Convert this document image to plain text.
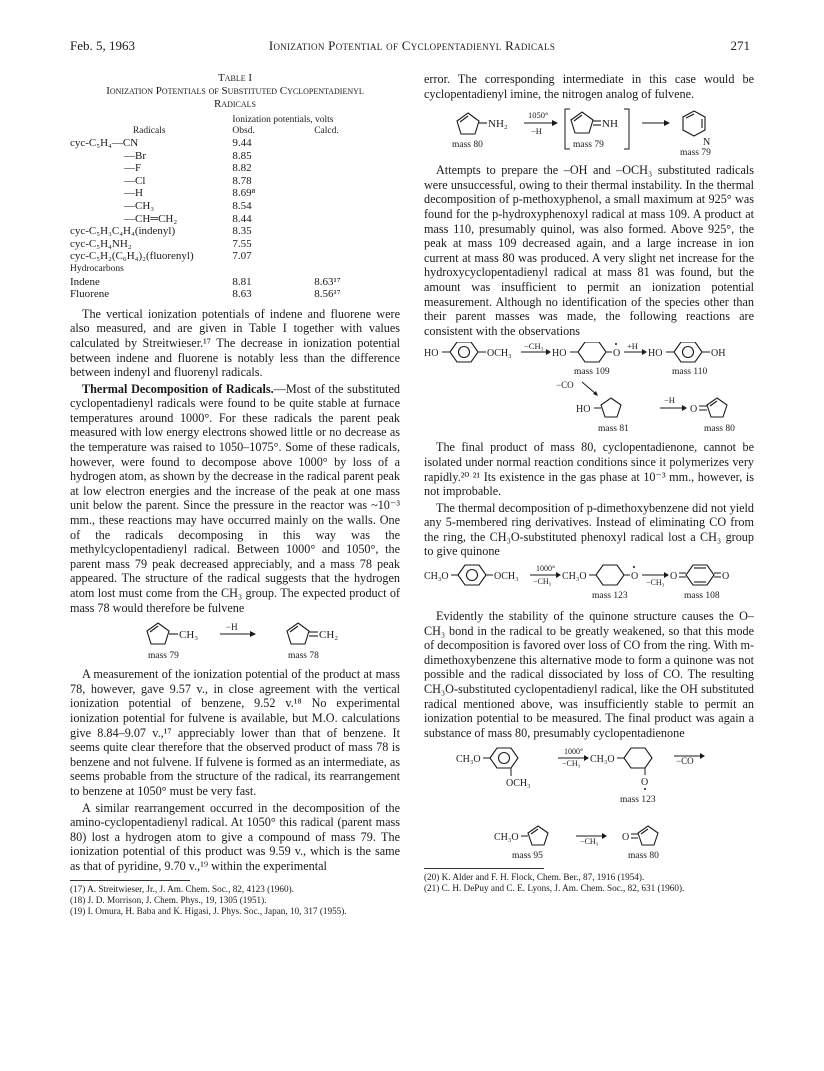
Feb. 5, 1963	Ionization Potential of Cyclopentadienyl Radicals	271
Table I
Ionization Potentials of Substituted Cyclopentadienyl
Radicals
	Ionization potentials, volts	
Radicals	Obsd.	Calcd.
cyc-C₅H₄—CN	9.44	
—Br	8.85	
—F	8.82	
—Cl	8.78	
—H	8.69⁸	
—CH₃	8.54	
—CH═CH₂	8.44	
cyc-C₅H₃C₄H₄(indenyl)	8.35	
cyc-C₅H₄NH₂	7.55	
cyc-C₅H₂(C₆H₄)₂(fluorenyl)	7.07	
Hydrocarbons		
Indene	8.81	8.63¹⁷
Fluorene	8.63	8.56¹⁷

The vertical ionization potentials of indene and fluorene were also measured, and are given in Table I together with values calculated by Streitwieser.¹⁷ The decrease in ionization potential between indene and fluorene is notably less than the difference between indenyl and fluorenyl radicals.

Thermal Decomposition of Radicals.—Most of the substituted cyclopentadienyl radicals were found to be quite stable at furnace temperatures around 1000°. For these radicals the parent peak measured with low energy electrons showed little or no decrease as the temperature was raised to 1050–1075°. Some of these radicals, however, were found to decompose above 1000° by loss of a hydrogen atom, as shown by the decrease in the radical parent peak at low electron energies and the increase of the peak at one mass unit below the parent. Since the pressure in the reactor was ~10⁻³ mm., these reactions may have occurred mainly on the walls. One of the radicals decomposing in this way was the methylcyclopentadienyl radical. Between 1000° and 1050°, the parent mass 79 peak decreased appreciably, and a mass 78 peak appeared. The structure of the radical suggests that the hydrogen atom lost must come from the CH₃ group. The expected product of mass 78 would therefore be fulvene

CH₃
−H
CH₂
mass 79	mass 78

A measurement of the ionization potential of the product at mass 78, however, gave 9.57 v., in close agreement with the vertical ionization potential of benzene, 9.52 v.¹⁸ No experimental ionization potential for fulvene is available, but M.O. calculations give 8.84–9.07 v.,¹⁷ appreciably lower than that of benzene. It seems quite clear therefore that the observed product of mass 78 is benzene and not fulvene. If fulvene is formed as an intermediate, as seems probable from the structure of the radical, its rearrangement to benzene at 1050° must be very fast.

A similar rearrangement occurred in the decomposition of the amino-cyclopentadienyl radical. At 1050° this radical (parent mass 80) lost a hydrogen atom to give a compound of mass 79. The ionization potential of this product was 9.59 v., which is the same as that of pyridine, 9.70 v.,¹⁹ within the experimental

(17) A. Streitwieser, Jr., J. Am. Chem. Soc., 82, 4123 (1960).

(18) J. D. Morrison, J. Chem. Phys., 19, 1305 (1951).

(19) I. Omura, H. Baba and K. Higasi, J. Phys. Soc., Japan, 10, 317 (1955).

error. The corresponding intermediate in this case would be cyclopentadienyl imine, the nitrogen analog of fulvene.

NH₂
1050°
−H
NH
mass 79	N
mass 80
mass 79

Attempts to prepare the –OH and –OCH₃ substituted radicals were unsuccessful, owing to their thermal instability. In the thermal decomposition of p-methoxyphenol, a small maximum at 925° was found for the p-hydroxyphenoxyl radical at mass 109. A product at mass 110, presumably quinol, was also formed. Above 925°, the peak at mass 109 decreased again, and a large increase in ion current at mass 80 was produced. A very slight net increase for the hydroxycyclopentadienyl radical at mass 81 was found, but the amount was insufficient to permit an ionization potential measurement. Although no identification of the species other than their parent masses was made, the following reactions are consistent with the observations

HO	OCH₃
−CH₃
HO	O
+H
HO	OH
mass 109	mass 110
−CO
HO
−H
O
mass 81	mass 80

The final product of mass 80, cyclopentadienone, cannot be isolated under normal reaction conditions since it polymerizes very rapidly.²⁰ ²¹ Its existence in the gas phase at 10⁻³ mm., however, is not improbable.

The thermal decomposition of p-dimethoxybenzene did not yield any 5-membered ring derivatives. Instead of eliminating CO from the ring, the CH₃O-substituted phenoxyl radical lost a CH₃ group to give quinone

CH₃O	OCH₃
1000°
−CH₃ CH₃O	O
−CH₃
O	O
mass 123	mass 108

Evidently the stability of the quinone structure causes the O–CH₃ bond in the radical to be greatly weakened, so that this mode of decomposition is favored over loss of CO from the ring. With m-dimethoxybenzene this alternative mode to form a quinone was not possible and the radical dissociated by loss of CO. The resulting CH₃O-substituted cyclopentadienyl radical, like the OH substituted radical mentioned above, was insufficiently stable to permit an ionization potential to be measured. The final product was again a substance of mass 80, presumably cyclopentadienone

CH₃O
OCH₃
1000°
−CH₃ CH₃O
O
−CO
mass 123
CH₃O	−CH₃ O
mass 95	mass 80

(20) K. Alder and F. H. Flock, Chem. Ber., 87, 1916 (1954).

(21) C. H. DePuy and C. E. Lyons, J. Am. Chem. Soc., 82, 631 (1960).
